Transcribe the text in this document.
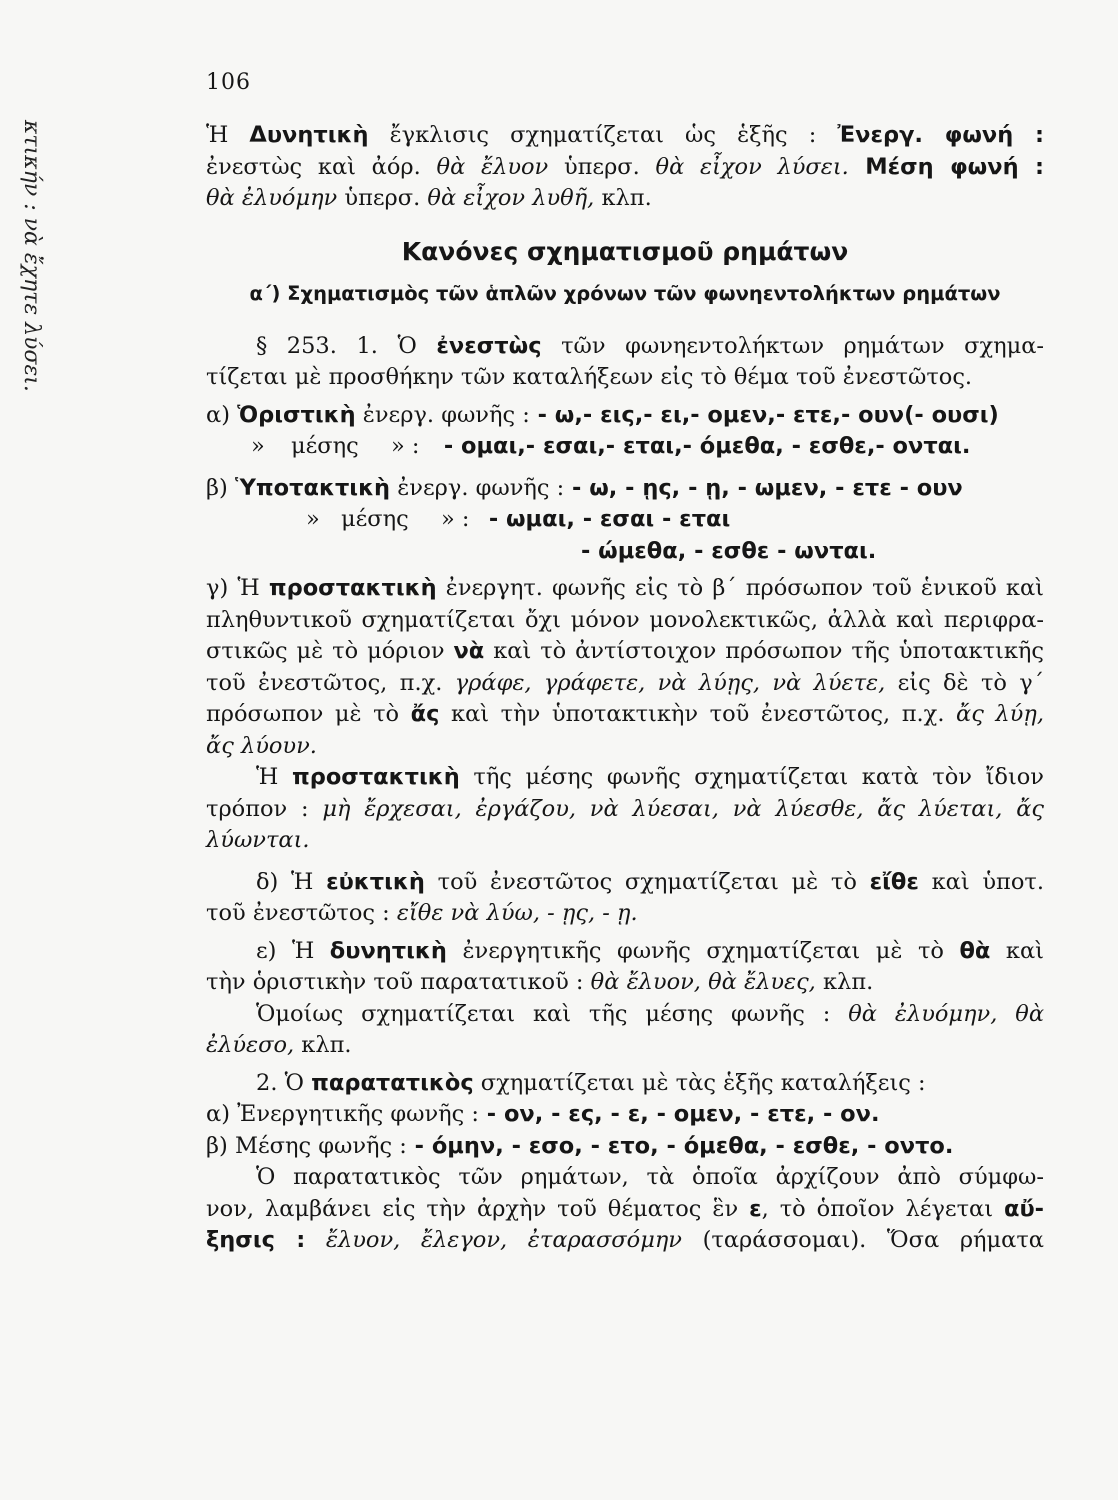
106
κτικήν : νὰ ἔχητε λύσει.	Ἡ Δυνητικὴ ἔγκλισις σχηματίζεται ὡς ἑξῆς : Ἐνεργ. φωνή :
ἐνεστὼς καὶ ἀόρ. θὰ ἔλυον ὑπερσ. θὰ εἶχον λύσει. Μέση φωνή :
θὰ ἐλυόμην ὑπερσ. θὰ εἶχον λυθῆ, κλπ.
Κανόνες σχηματισμοῦ ρημάτων
α΄) Σχηματισμὸς τῶν ἁπλῶν χρόνων τῶν φωνηεντολήκτων ρημάτων
§ 253. 1. Ὁ ἐνεστὼς τῶν φωνηεντολήκτων ρημάτων σχημα-
τίζεται μὲ προσθήκην τῶν καταλήξεων εἰς τὸ θέμα τοῦ ἐνεστῶτος.
α) Ὁριστικὴ ἐνεργ. φωνῆς : - ω,- εις,- ει,- ομεν,- ετε,- ουν(- ουσι)
» μέσης » : - ομαι,- εσαι,- εται,- όμεθα, - εσθε,- ονται.
β) Ὑποτακτικὴ ἐνεργ. φωνῆς : - ω, - ῃς, - ῃ, - ωμεν, - ετε - ουν
» μέσης » : - ωμαι, - εσαι - εται
- ώμεθα, - εσθε - ωνται.
γ) Ἡ προστακτικὴ ἐνεργητ. φωνῆς εἰς τὸ β΄ πρόσωπον τοῦ ἑνικοῦ καὶ
πληθυντικοῦ σχηματίζεται ὄχι μόνον μονολεκτικῶς, ἀλλὰ καὶ περιφρα-
στικῶς μὲ τὸ μόριον νὰ καὶ τὸ ἀντίστοιχον πρόσωπον τῆς ὑποτακτικῆς
τοῦ ἐνεστῶτος, π.χ. γράφε, γράφετε, νὰ λύῃς, νὰ λύετε, εἰς δὲ τὸ γ΄
πρόσωπον μὲ τὸ ἄς καὶ τὴν ὑποτακτικὴν τοῦ ἐνεστῶτος, π.χ. ἄς λύῃ,
ἄς λύουν.
Ἡ προστακτικὴ τῆς μέσης φωνῆς σχηματίζεται κατὰ τὸν ἴδιον
τρόπον : μὴ ἔρχεσαι, ἐργάζου, νὰ λύεσαι, νὰ λύεσθε, ἄς λύεται, ἄς
λύωνται.
δ) Ἡ εὐκτικὴ τοῦ ἐνεστῶτος σχηματίζεται μὲ τὸ εἴθε καὶ ὑποτ.
τοῦ ἐνεστῶτος : εἴθε νὰ λύω, - ῃς, - ῃ.
ε) Ἡ δυνητικὴ ἐνεργητικῆς φωνῆς σχηματίζεται μὲ τὸ θὰ καὶ
τὴν ὁριστικὴν τοῦ παρατατικοῦ : θὰ ἔλυον, θὰ ἔλυες, κλπ.
Ὁμοίως σχηματίζεται καὶ τῆς μέσης φωνῆς : θὰ ἐλυόμην, θὰ
ἐλύεσο, κλπ.
2. Ὁ παρατατικὸς σχηματίζεται μὲ τὰς ἑξῆς καταλήξεις :
α) Ἐνεργητικῆς φωνῆς : - ον, - ες, - ε, - ομεν, - ετε, - ον.
β) Μέσης φωνῆς : - όμην, - εσο, - ετο, - όμεθα, - εσθε, - οντο.
Ὁ παρατατικὸς τῶν ρημάτων, τὰ ὁποῖα ἀρχίζουν ἀπὸ σύμφω-
νον, λαμβάνει εἰς τὴν ἀρχὴν τοῦ θέματος ἓν ε, τὸ ὁποῖον λέγεται αὔ-
ξησις : ἔλυον, ἔλεγον, ἐταρασσόμην (ταράσσομαι). Ὅσα ρήματα
